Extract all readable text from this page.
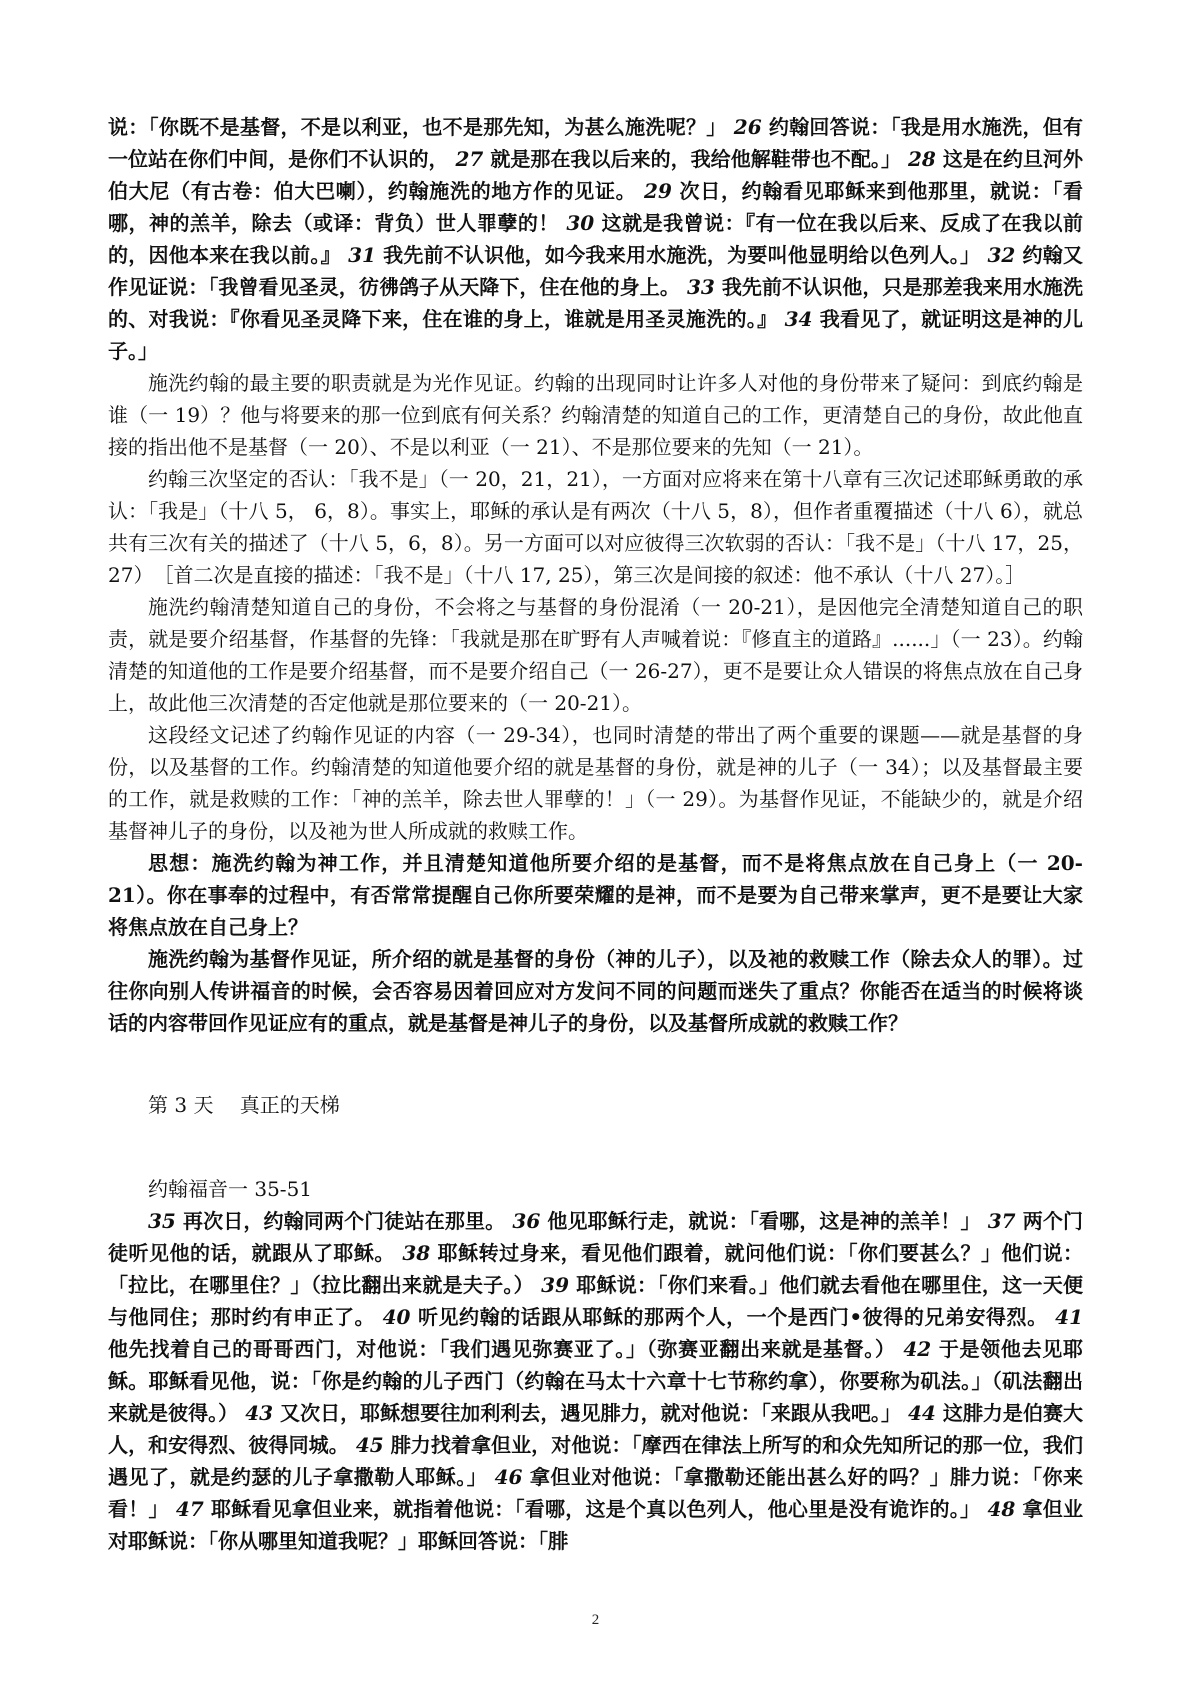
说：「你既不是基督，不是以利亚，也不是那先知，为甚么施洗呢？」 26 约翰回答说：「我是用水施洗，但有一位站在你们中间，是你们不认识的， 27 就是那在我以后来的，我给他解鞋带也不配。」 28 这是在约旦河外伯大尼（有古卷：伯大巴喇），约翰施洗的地方作的见证。 29 次日，约翰看见耶稣来到他那里，就说：「看哪，神的羔羊，除去（或译：背负）世人罪孽的！ 30 这就是我曾说：『有一位在我以后来、反成了在我以前的，因他本来在我以前。』 31 我先前不认识他，如今我来用水施洗，为要叫他显明给以色列人。」 32 约翰又作见证说：「我曾看见圣灵，彷彿鸽子从天降下，住在他的身上。 33 我先前不认识他，只是那差我来用水施洗的、对我说：『你看见圣灵降下来，住在谁的身上，谁就是用圣灵施洗的。』 34 我看见了，就证明这是神的儿子。」

施洗约翰的最主要的职责就是为光作见证。约翰的出现同时让许多人对他的身份带来了疑问：到底约翰是谁（一 19）？他与将要来的那一位到底有何关系？约翰清楚的知道自己的工作，更清楚自己的身份，故此他直接的指出他不是基督（一 20）、不是以利亚（一 21）、不是那位要来的先知（一 21）。

约翰三次坚定的否认：「我不是」（一 20，21，21），一方面对应将来在第十八章有三次记述耶稣勇敢的承认：「我是」（十八 5， 6，8）。事实上，耶稣的承认是有两次（十八 5，8），但作者重覆描述（十八 6），就总共有三次有关的描述了（十八 5，6，8）。另一方面可以对应彼得三次软弱的否认：「我不是」（十八 17，25，27）　［首二次是直接的描述：「我不是」（十八 17, 25），第三次是间接的叙述：他不承认（十八 27）。］

施洗约翰清楚知道自己的身份，不会将之与基督的身份混淆（一 20-21），是因他完全清楚知道自己的职责，就是要介绍基督，作基督的先锋：「我就是那在旷野有人声喊着说：『修直主的道路』......」（一 23）。约翰清楚的知道他的工作是要介绍基督，而不是要介绍自己（一 26-27），更不是要让众人错误的将焦点放在自己身上，故此他三次清楚的否定他就是那位要来的（一 20-21）。

这段经文记述了约翰作见证的内容（一 29-34），也同时清楚的带出了两个重要的课题——就是基督的身份，以及基督的工作。约翰清楚的知道他要介绍的就是基督的身份，就是神的儿子（一 34）；以及基督最主要的工作，就是救赎的工作：「神的羔羊，除去世人罪孽的！」（一 29）。为基督作见证，不能缺少的，就是介绍基督神儿子的身份，以及祂为世人所成就的救赎工作。

思想：施洗约翰为神工作，并且清楚知道他所要介绍的是基督，而不是将焦点放在自己身上（一 20-21）。你在事奉的过程中，有否常常提醒自己你所要荣耀的是神，而不是要为自己带来掌声，更不是要让大家将焦点放在自己身上？

施洗约翰为基督作见证，所介绍的就是基督的身份（神的儿子），以及祂的救赎工作（除去众人的罪）。过往你向别人传讲福音的时候，会否容易因着回应对方发问不同的问题而迷失了重点？你能否在适当的时候将谈话的内容带回作见证应有的重点，就是基督是神儿子的身份，以及基督所成就的救赎工作？

第 3 天　 真正的天梯

约翰福音一 35-51

35 再次日，约翰同两个门徒站在那里。 36 他见耶稣行走，就说：「看哪，这是神的羔羊！」 37 两个门徒听见他的话，就跟从了耶稣。 38 耶稣转过身来，看见他们跟着，就问他们说：「你们要甚么？」他们说：「拉比，在哪里住？」（拉比翻出来就是夫子。） 39 耶稣说：「你们来看。」他们就去看他在哪里住，这一天便与他同住；那时约有申正了。 40 听见约翰的话跟从耶稣的那两个人，一个是西门•彼得的兄弟安得烈。 41 他先找着自己的哥哥西门，对他说：「我们遇见弥赛亚了。」（弥赛亚翻出来就是基督。） 42 于是领他去见耶稣。耶稣看见他，说：「你是约翰的儿子西门（约翰在马太十六章十七节称约拿），你要称为矶法。」（矶法翻出来就是彼得。） 43 又次日，耶稣想要往加利利去，遇见腓力，就对他说：「来跟从我吧。」 44 这腓力是伯赛大人，和安得烈、彼得同城。 45 腓力找着拿但业，对他说：「摩西在律法上所写的和众先知所记的那一位，我们遇见了，就是约瑟的儿子拿撒勒人耶稣。」 46 拿但业对他说：「拿撒勒还能出甚么好的吗？」腓力说：「你来看！」 47 耶稣看见拿但业来，就指着他说：「看哪，这是个真以色列人，他心里是没有诡诈的。」 48 拿但业对耶稣说：「你从哪里知道我呢？」耶稣回答说：「腓

2
